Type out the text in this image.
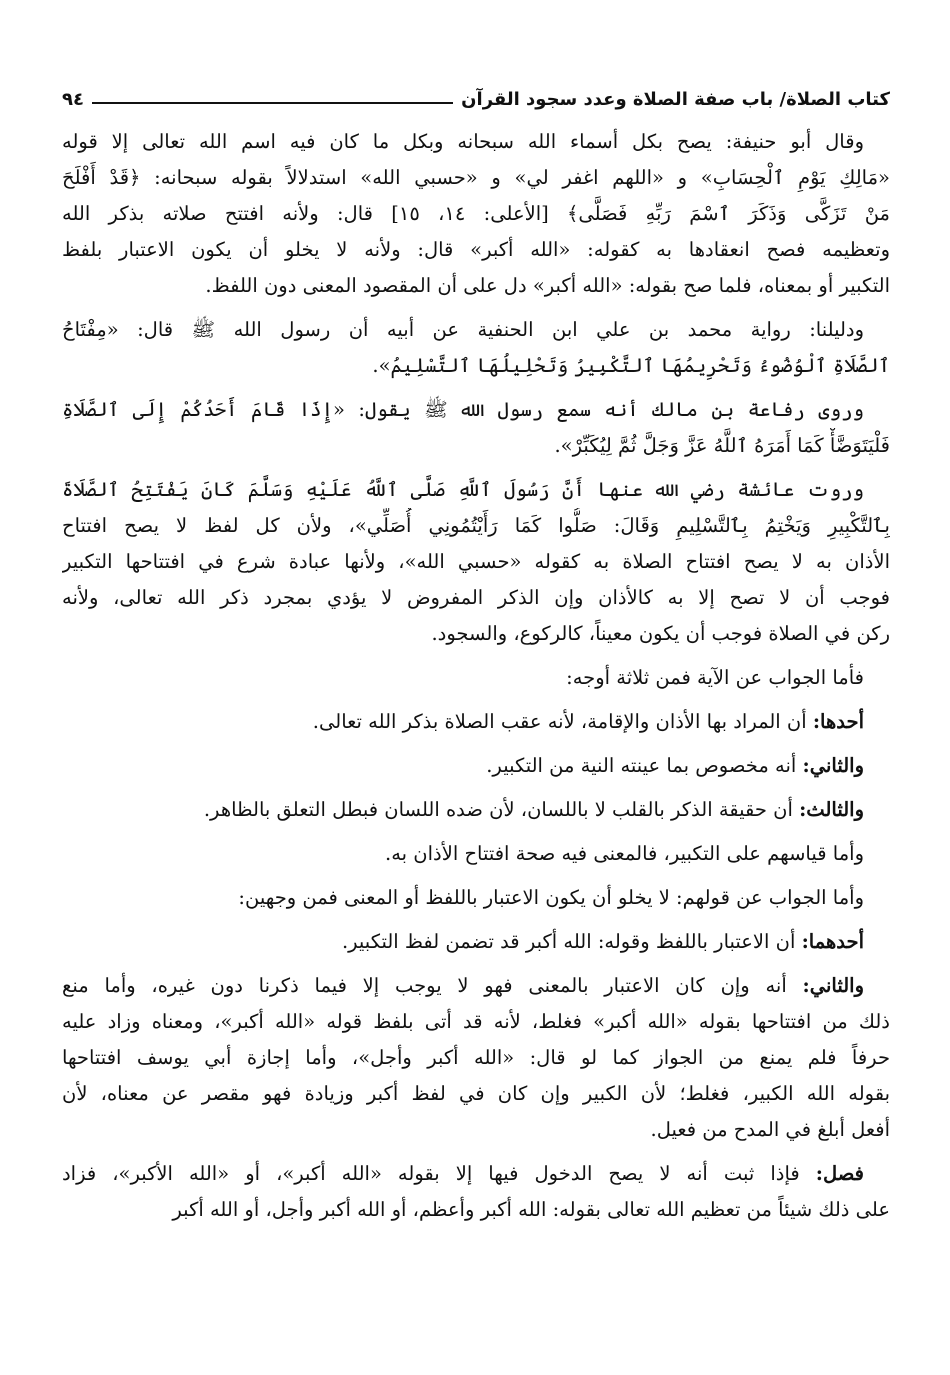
كتاب الصلاة/ باب صفة الصلاة وعدد سجود القرآن
٩٤
وقال أبو حنيفة: يصح بكل أسماء الله سبحانه وبكل ما كان فيه اسم الله تعالى إلا قوله
«مَالِكِ يَوْمِ ٱلْحِسَابِ» و «اللهم اغفر لي» و «حسبي الله» استدلالاً بقوله سبحانه: ﴿قَدْ أَفْلَحَ
مَنْ تَزَكَّى وَذَكَرَ ٱسْمَ رَبِّهِ فَصَلَّى﴾ [الأعلى: ١٤، ١٥] قال: ولأنه افتتح صلاته بذكر الله
وتعظيمه فصح انعقادها به كقوله: «الله أكبر» قال: ولأنه لا يخلو أن يكون الاعتبار بلفظ
التكبير أو بمعناه، فلما صح بقوله: «الله أكبر» دل على أن المقصود المعنى دون اللفظ.
ودليلنا: رواية محمد بن علي ابن الحنفية عن أبيه أن رسول الله ﷺ قال: «مِفْتَاحُ
ٱلصَّلَاةِ ٱلْوُضُوءُ وَتَحْرِيمُهَا ٱلتَّكْبِيرُ وَتَحْلِيلُهَا ٱلتَّسْلِيمُ».
وروى رفاعة بن مالك أنه سمع رسول الله ﷺ يقول: «إِذَا قَامَ أَحَدُكُمْ إِلَى ٱلصَّلَاةِ
فَلْيَتَوَضَّأْ كَمَا أَمَرَهُ ٱللَّهُ عَزَّ وَجَلَّ ثُمَّ لِيُكَبِّرْ».
وروت عائشة رضي الله عنها أَنَّ رَسُولَ ٱللَّهِ صَلَّى ٱللَّهُ عَلَيْهِ وَسَلَّمَ كَانَ يَفْتَتِحُ ٱلصَّلَاةَ
بِٱلتَّكْبِيرِ وَيَخْتِمُ بِٱلتَّسْلِيمِ وَقَالَ: صَلُّوا كَمَا رَأَيْتُمُونِي أُصَلِّي»، ولأن كل لفظ لا يصح افتتاح
الأذان به لا يصح افتتاح الصلاة به كقوله «حسبي الله»، ولأنها عبادة شرع في افتتاحها التكبير
فوجب أن لا تصح إلا به كالأذان وإن الذكر المفروض لا يؤدي بمجرد ذكر الله تعالى، ولأنه
ركن في الصلاة فوجب أن يكون معيناً، كالركوع، والسجود.
فأما الجواب عن الآية فمن ثلاثة أوجه:
أحدها: أن المراد بها الأذان والإقامة، لأنه عقب الصلاة بذكر الله تعالى.
والثاني: أنه مخصوص بما عينته النية من التكبير.
والثالث: أن حقيقة الذكر بالقلب لا باللسان، لأن ضده اللسان فبطل التعلق بالظاهر.
وأما قياسهم على التكبير، فالمعنى فيه صحة افتتاح الأذان به.
وأما الجواب عن قولهم: لا يخلو أن يكون الاعتبار باللفظ أو المعنى فمن وجهين:
أحدهما: أن الاعتبار باللفظ وقوله: الله أكبر قد تضمن لفظ التكبير.
والثاني: أنه وإن كان الاعتبار بالمعنى فهو لا يوجب إلا فيما ذكرنا دون غيره، وأما منع
ذلك من افتتاحها بقوله «الله أكبر» فغلط، لأنه قد أتى بلفظ قوله «الله أكبر»، ومعناه وزاد عليه
حرفاً فلم يمنع من الجواز كما لو قال: «الله أكبر وأجل»، وأما إجازة أبي يوسف افتتاحها
بقوله الله الكبير، فغلط؛ لأن الكبير وإن كان في لفظ أكبر وزيادة فهو مقصر عن معناه، لأن
أفعل أبلغ في المدح من فعيل.
فصل: فإذا ثبت أنه لا يصح الدخول فيها إلا بقوله «الله أكبر»، أو «الله الأكبر»، فزاد
على ذلك شيئاً من تعظيم الله تعالى بقوله: الله أكبر وأعظم، أو الله أكبر وأجل، أو الله أكبر
